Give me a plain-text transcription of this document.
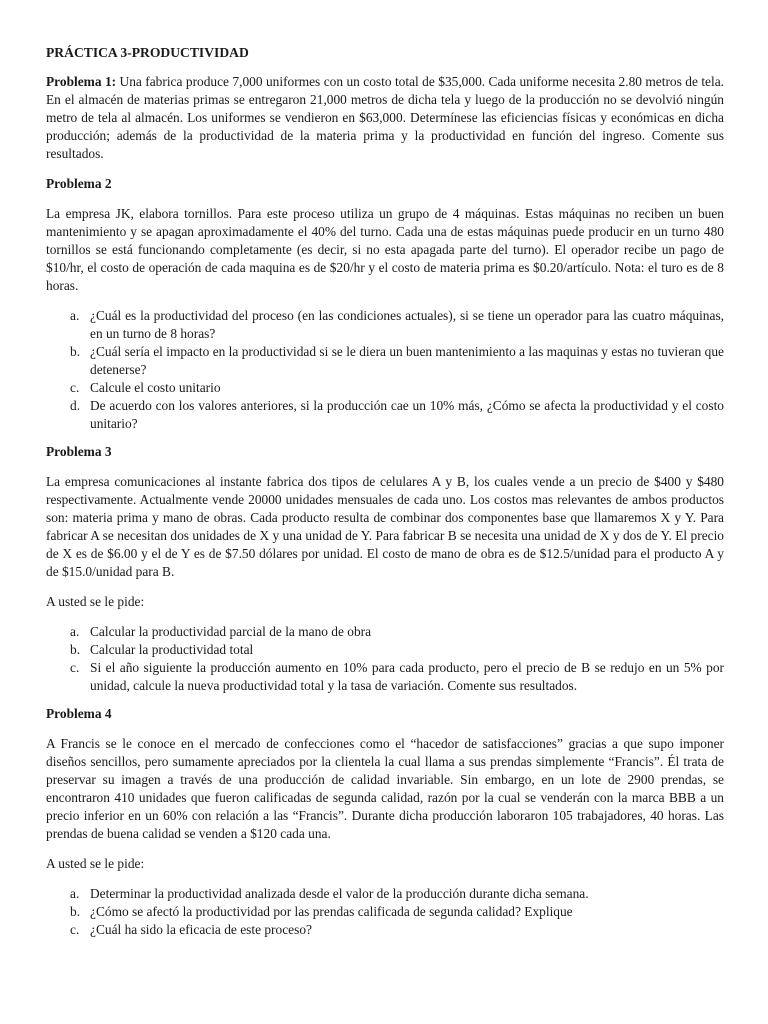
PRÁCTICA 3-PRODUCTIVIDAD

Problema 1: Una fabrica produce 7,000 uniformes con un costo total de $35,000. Cada uniforme necesita 2.80 metros de tela. En el almacén de materias primas se entregaron 21,000 metros de dicha tela y luego de la producción no se devolvió ningún metro de tela al almacén. Los uniformes se vendieron en $63,000. Determínese las eficiencias físicas y económicas en dicha producción; además de la productividad de la materia prima y la productividad en función del ingreso. Comente sus resultados.

Problema 2

La empresa JK, elabora tornillos. Para este proceso utiliza un grupo de 4 máquinas. Estas máquinas no reciben un buen mantenimiento y se apagan aproximadamente el 40% del turno. Cada una de estas máquinas puede producir en un turno 480 tornillos se está funcionando completamente (es decir, si no esta apagada parte del turno). El operador recibe un pago de $10/hr, el costo de operación de cada maquina es de $20/hr y el costo de materia prima es $0.20/artículo. Nota: el turo es de 8 horas.

a. ¿Cuál es la productividad del proceso (en las condiciones actuales), si se tiene un operador para las cuatro máquinas, en un turno de 8 horas?
b. ¿Cuál sería el impacto en la productividad si se le diera un buen mantenimiento a las maquinas y estas no tuvieran que detenerse?
c. Calcule el costo unitario
d. De acuerdo con los valores anteriores, si la producción cae un 10% más, ¿Cómo se afecta la productividad y el costo unitario?
Problema 3

La empresa comunicaciones al instante fabrica dos tipos de celulares A y B, los cuales vende a un precio de $400 y $480 respectivamente. Actualmente vende 20000 unidades mensuales de cada uno. Los costos mas relevantes de ambos productos son: materia prima y mano de obras. Cada producto resulta de combinar dos componentes base que llamaremos X y Y. Para fabricar A se necesitan dos unidades de X y una unidad de Y. Para fabricar B se necesita una unidad de X y dos de Y. El precio de X es de $6.00 y el de Y es de $7.50 dólares por unidad. El costo de mano de obra es de $12.5/unidad para el producto A y de $15.0/unidad para B.

A usted se le pide:

a. Calcular la productividad parcial de la mano de obra
b. Calcular la productividad total
c. Si el año siguiente la producción aumento en 10% para cada producto, pero el precio de B se redujo en un 5% por unidad, calcule la nueva productividad total y la tasa de variación. Comente sus resultados.
Problema 4

A Francis se le conoce en el mercado de confecciones como el “hacedor de satisfacciones” gracias a que supo imponer diseños sencillos, pero sumamente apreciados por la clientela la cual llama a sus prendas simplemente “Francis”. Él trata de preservar su imagen a través de una producción de calidad invariable. Sin embargo, en un lote de 2900 prendas, se encontraron 410 unidades que fueron calificadas de segunda calidad, razón por la cual se venderán con la marca BBB a un precio inferior en un 60% con relación a las “Francis”. Durante dicha producción laboraron 105 trabajadores, 40 horas. Las prendas de buena calidad se venden a $120 cada una.

A usted se le pide:

a. Determinar la productividad analizada desde el valor de la producción durante dicha semana.
b. ¿Cómo se afectó la productividad por las prendas calificada de segunda calidad? Explique
c. ¿Cuál ha sido la eficacia de este proceso?
